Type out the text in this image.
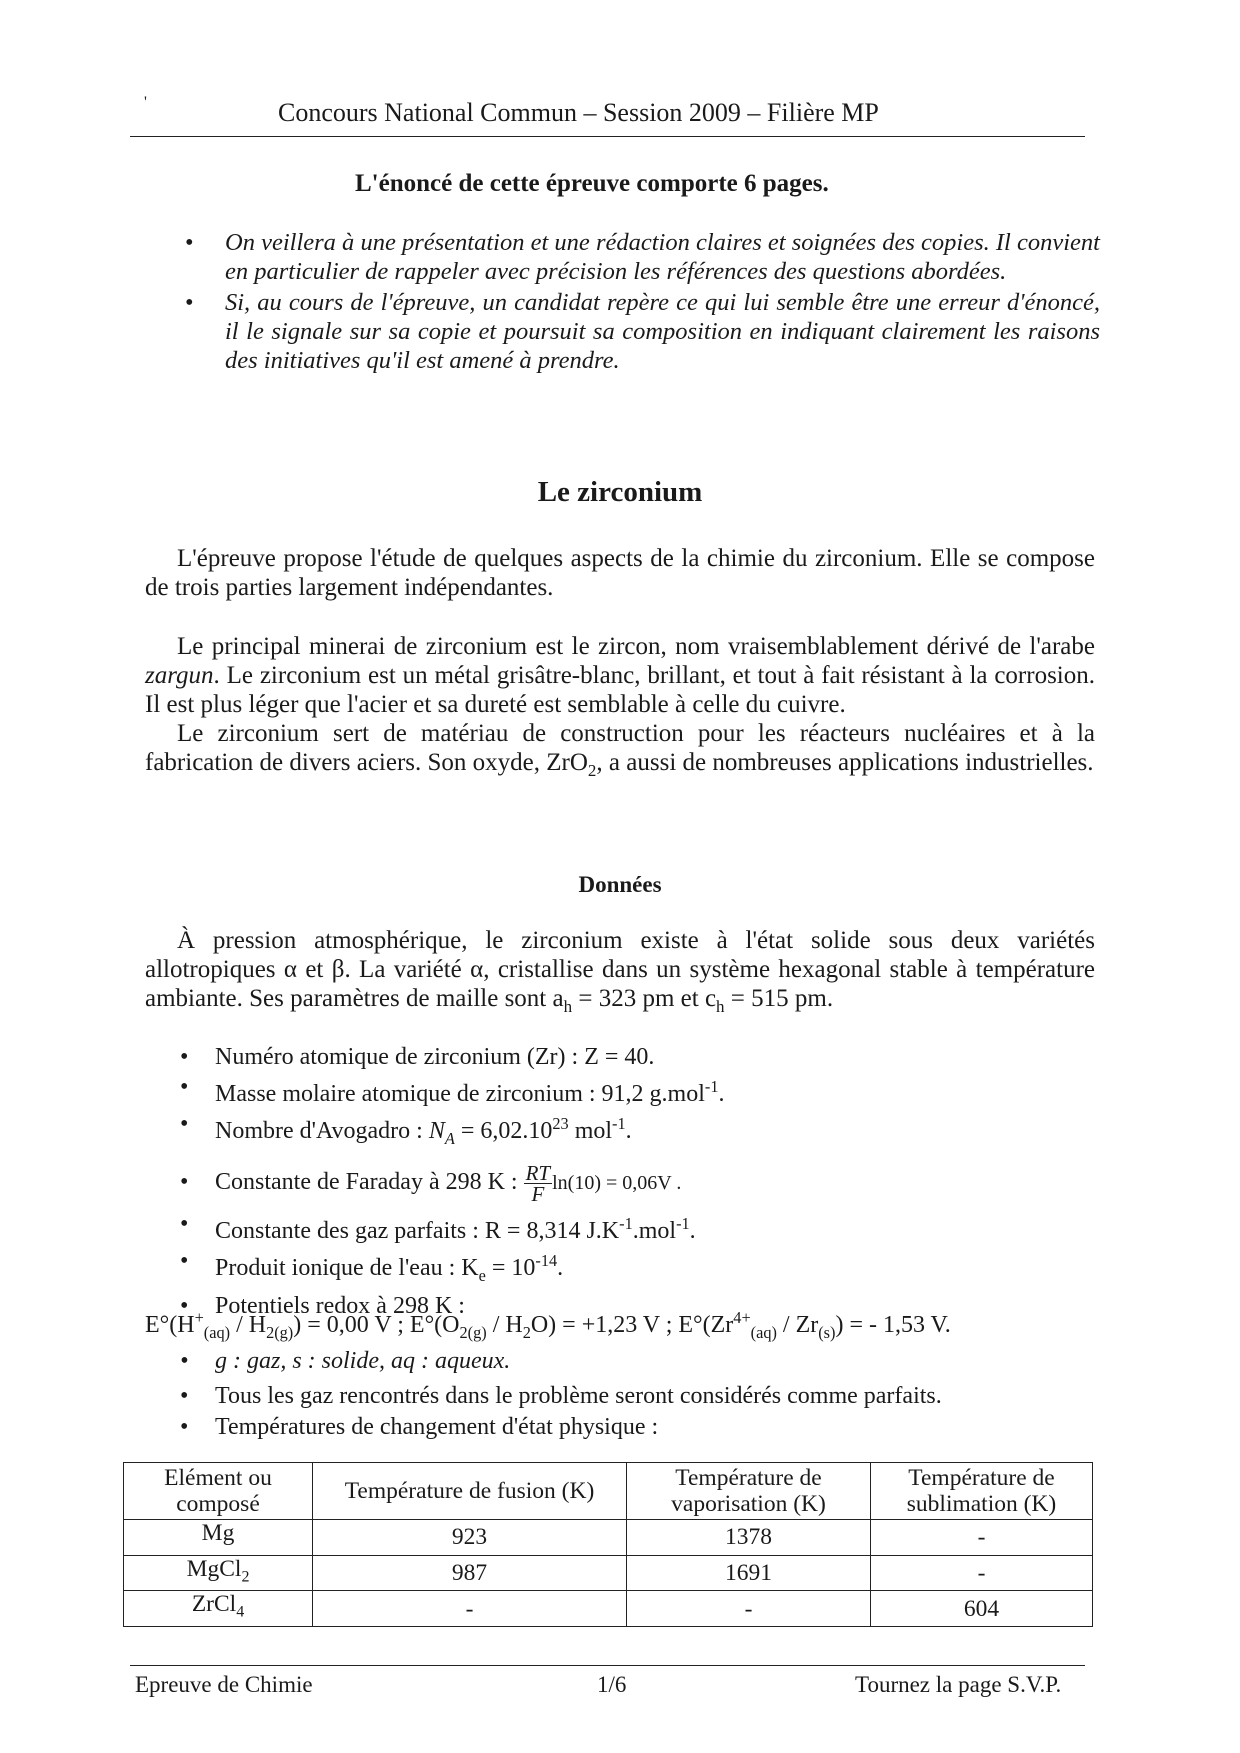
'	Concours National Commun – Session 2009 – Filière MP
L'énoncé de cette épreuve comporte 6 pages.
• On veillera à une présentation et une rédaction claires et soignées des copies. Il convient en particulier de rappeler avec précision les références des questions abordées.
• Si, au cours de l'épreuve, un candidat repère ce qui lui semble être une erreur d'énoncé, il le signale sur sa copie et poursuit sa composition en indiquant clairement les raisons des initiatives qu'il est amené à prendre.
Le zirconium
L'épreuve propose l'étude de quelques aspects de la chimie du zirconium. Elle se compose de trois parties largement indépendantes.
Le principal minerai de zirconium est le zircon, nom vraisemblablement dérivé de l'arabe zargun. Le zirconium est un métal grisâtre-blanc, brillant, et tout à fait résistant à la corrosion. Il est plus léger que l'acier et sa dureté est semblable à celle du cuivre.
Le zirconium sert de matériau de construction pour les réacteurs nucléaires et à la fabrication de divers aciers. Son oxyde, ZrO$_2$, a aussi de nombreuses applications industrielles.
Données
À pression atmosphérique, le zirconium existe à l'état solide sous deux variétés allotropiques α et β. La variété α, cristallise dans un système hexagonal stable à température ambiante. Ses paramètres de maille sont $a_h = 323$ pm et $c_h = 515$ pm.
• Numéro atomique de zirconium (Zr) : Z = 40.
• Masse molaire atomique de zirconium : 91,2 g.mol$^{-1}$.
• Nombre d'Avogadro : $N_A = 6,02.10^{23}$ mol$^{-1}$.
• Constante de Faraday à 298 K : $\frac{RT}{F}\ln(10) = 0,06V$ .
• Constante des gaz parfaits : R = 8,314 $J.K^{-1}.mol^{-1}$.
• Produit ionique de l'eau : $K_e = 10^{-14}$.
• Potentiels redox à 298 K :
$E^\circ(H^+_{(aq)} / H_{2(g)}) = 0,00$ V ; $E^\circ(O_{2(g)} / H_2O) = +1,23$ V ; $E^\circ(Zr^{4+}_{(aq)} / Zr_{(s)})$ = - 1,53 V.
• g : gaz, s : solide, aq : aqueux.
• Tous les gaz rencontrés dans le problème seront considérés comme parfaits.
• Températures de changement d'état physique :
Elément ou composé	Température de fusion (K)	Température de vaporisation (K)	Température de sublimation (K)
Mg	923	1378	-
MgCl$_2$	987	1691	-
ZrCl$_4$	-	-	604
Epreuve de Chimie	1/6	Tournez la page S.V.P.
